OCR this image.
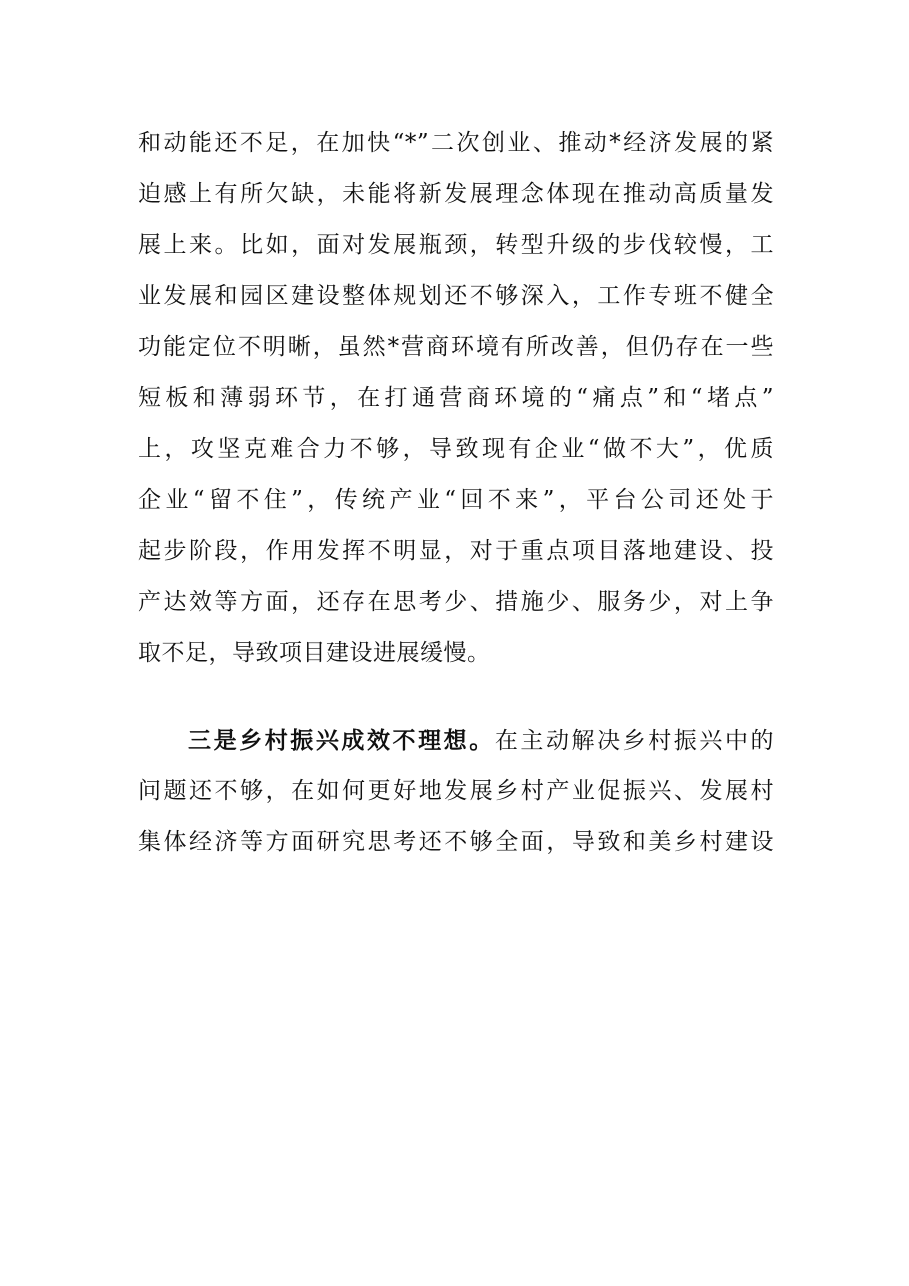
和动能还不足，在加快“*”二次创业、推动*经济发展的紧
迫感上有所欠缺，未能将新发展理念体现在推动高质量发
展上来。比如，面对发展瓶颈，转型升级的步伐较慢，工
业发展和园区建设整体规划还不够深入，工作专班不健全
功能定位不明晰，虽然*营商环境有所改善，但仍存在一些
短板和薄弱环节，在打通营商环境的“痛点”和“堵点”
上，攻坚克难合力不够，导致现有企业“做不大”，优质
企业“留不住”，传统产业“回不来”，平台公司还处于
起步阶段，作用发挥不明显，对于重点项目落地建设、投
产达效等方面，还存在思考少、措施少、服务少，对上争
取不足，导致项目建设进展缓慢。
三是乡村振兴成效不理想。在主动解决乡村振兴中的
问题还不够，在如何更好地发展乡村产业促振兴、发展村
集体经济等方面研究思考还不够全面，导致和美乡村建设
